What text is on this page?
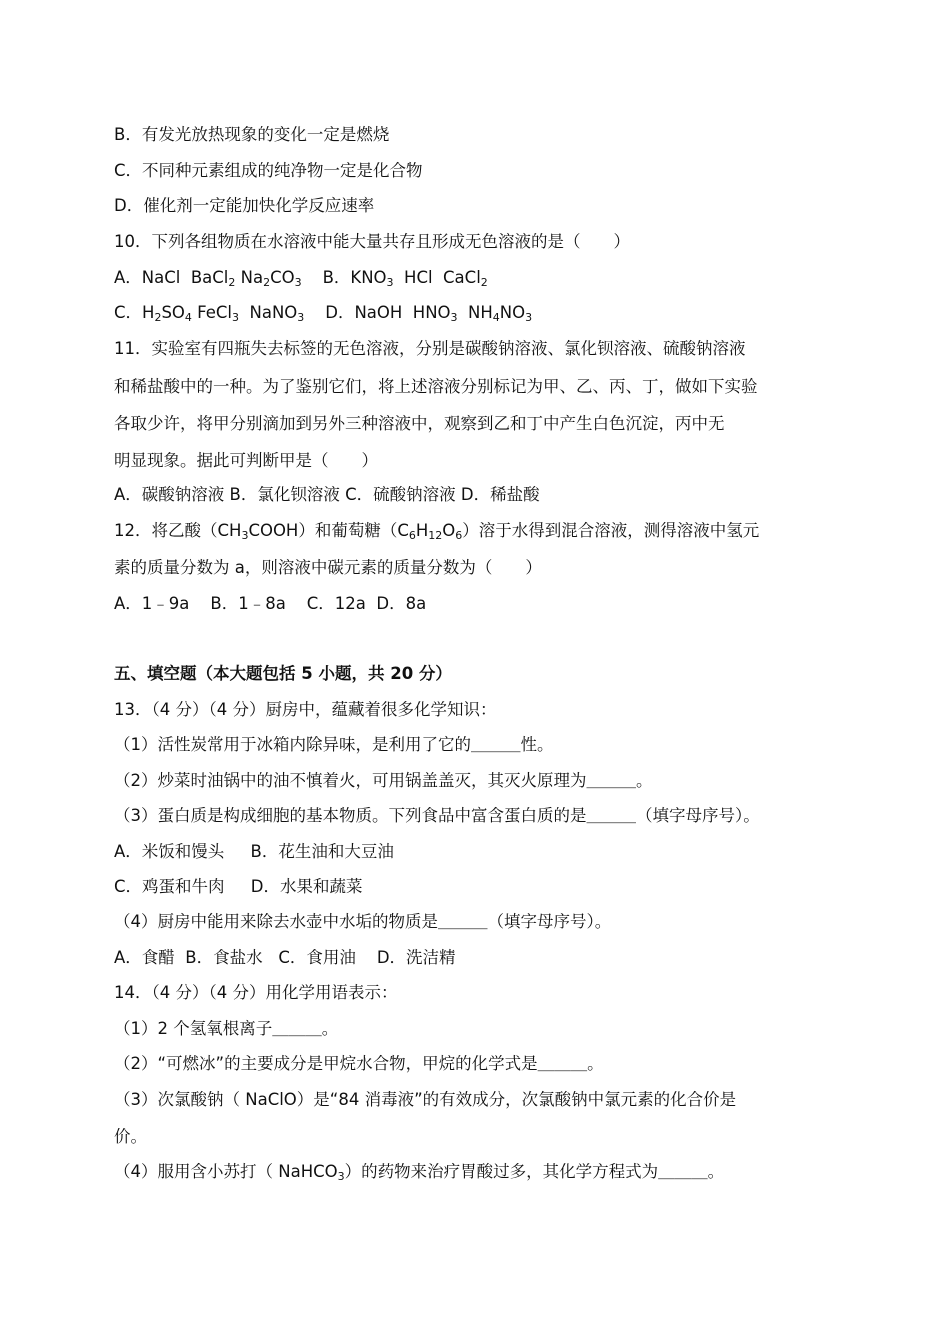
B．有发光放热现象的变化一定是燃烧
C．不同种元素组成的纯净物一定是化合物
D．催化剂一定能加快化学反应速率
10．下列各组物质在水溶液中能大量共存且形成无色溶液的是（　　）
A．NaCl  BaCl$_2$ $Na_2CO_3$    B．$KNO_3$  HCl  CaCl$_2$
C．$H_2SO_4$ FeCl$_3$  NaNO$_3$    D．NaOH  $HNO_3$  $NH_4NO_3$
11．实验室有四瓶失去标签的无色溶液，分别是碳酸钠溶液、氯化钡溶液、硫酸钠溶液
和稀盐酸中的一种。为了鉴别它们，将上述溶液分别标记为甲、乙、丙、丁，做如下实验
各取少许，将甲分别滴加到另外三种溶液中，观察到乙和丁中产生白色沉淀，丙中无
明显现象。据此可判断甲是（　　）
A．碳酸钠溶液 B．氯化钡溶液 C．硫酸钠溶液 D．稀盐酸
12．将乙酸$(CH_3COOH)$和葡萄糖$(C_6H_{12}O_6)$溶于水得到混合溶液，测得溶液中氢元
素的质量分数为 a，则溶液中碳元素的质量分数为（　　）
A．1﹣9a    B．1﹣8a    C．12a  D．8a
五、填空题（本大题包括 5 小题，共 20 分）
13．（4 分）（4 分）厨房中，蕴藏着很多化学知识：
（1）活性炭常用于冰箱内除异味，是利用了它的＿＿＿性。
（2）炒菜时油锅中的油不慎着火，可用锅盖盖灭，其灭火原理为＿＿＿。
（3）蛋白质是构成细胞的基本物质。下列食品中富含蛋白质的是＿＿＿（填字母序号）。
A．米饭和馒头     B．花生油和大豆油
C．鸡蛋和牛肉     D．水果和蔬菜
（4）厨房中能用来除去水壶中水垢的物质是＿＿＿（填字母序号）。
A．食醋  B．食盐水   C．食用油    D．洗洁精
14．（4 分）（4 分）用化学用语表示：
（1）2 个氢氧根离子＿＿＿。
（2）“可燃冰”的主要成分是甲烷水合物，甲烷的化学式是＿＿＿。
（3）次氯酸钠（ NaClO）是“84 消毒液”的有效成分，次氯酸钠中氯元素的化合价是
价。
（4）服用含小苏打（ NaHCO$_3$）的药物来治疗胃酸过多，其化学方程式为＿＿＿。
